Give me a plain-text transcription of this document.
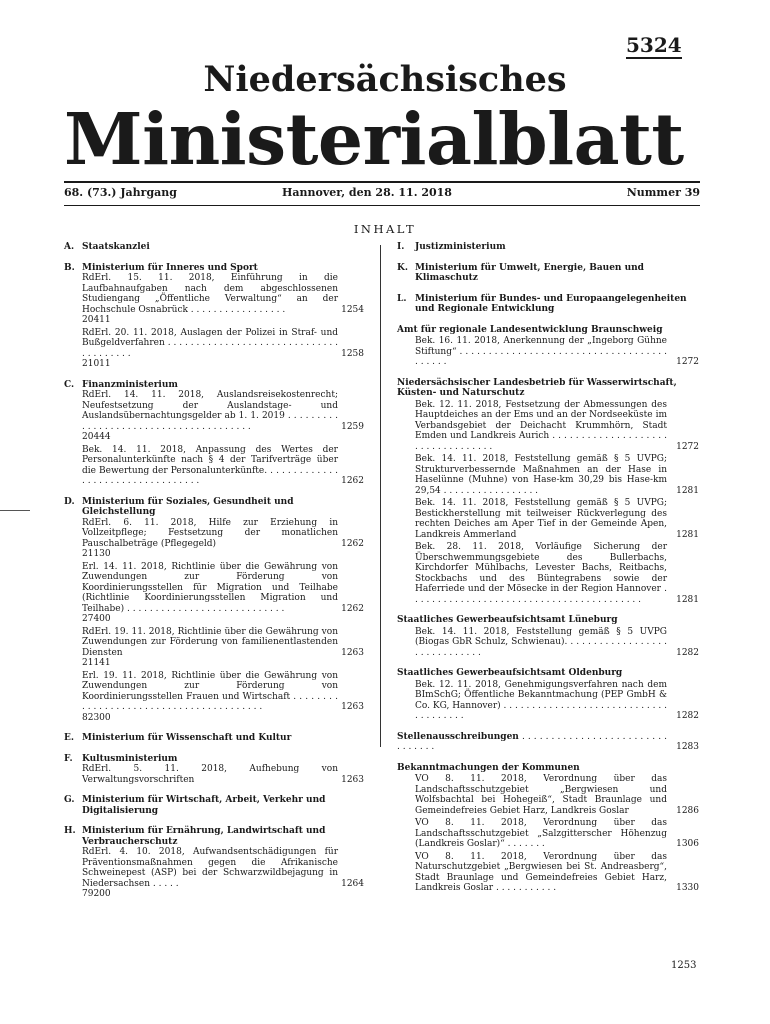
5324
Niedersächsisches
Ministerialblatt
68. (73.) Jahrgang	Hannover, den 28. 11. 2018	Nummer 39
INHALT
A. Staatskanzlei
B. Ministerium für Inneres und Sport
RdErl. 15. 11. 2018, Einführung in die Laufbahnaufgaben nach dem abgeschlossenen Studiengang „Öffentliche Verwaltung“ an der Hochschule Osnabrück . . . . . . . . . . . . . . . . .	1254
20411
RdErl. 20. 11. 2018, Auslagen der Polizei in Straf- und Bußgeldverfahren . . . . . . . . . . . . . . . . . . . . . . . . . . . . . . . . . . . . . . .	1258
21011
C. Finanzministerium
RdErl. 14. 11. 2018, Auslandsreisekostenrecht; Neufestsetzung der Auslandstage- und Auslandsübernachtungsgelder ab 1. 1. 2019 . . . . . . . . . . . . . . . . . . . . . . . . . . . . . . . . . . . . . . .	1259
20444
Bek. 14. 11. 2018, Anpassung des Wertes der Personalunterkünfte nach § 4 der Tarifverträge über die Bewertung der Personalunterkünfte. . . . . . . . . . . . . . . . . . . . . . . . . . . . . . . . . .	1262
D. Ministerium für Soziales, Gesundheit und Gleichstellung
RdErl. 6. 11. 2018, Hilfe zur Erziehung in Vollzeitpflege; Festsetzung der monatlichen Pauschalbeträge (Pflegegeld)	1262
21130
Erl. 14. 11. 2018, Richtlinie über die Gewährung von Zuwendungen zur Förderung von Koordinierungsstellen für Migration und Teilhabe (Richtlinie Koordinierungsstellen Migration und Teilhabe) . . . . . . . . . . . . . . . . . . . . . . . . . . . .	1262
27400
RdErl. 19. 11. 2018, Richtlinie über die Gewährung von Zuwendungen zur Förderung von familienentlastenden Diensten	1263
21141
Erl. 19. 11. 2018, Richtlinie über die Gewährung von Zuwendungen zur Förderung von Koordinierungsstellen Frauen und Wirtschaft . . . . . . . . . . . . . . . . . . . . . . . . . . . . . . . . . . . . . . . .	1263
82300
E. Ministerium für Wissenschaft und Kultur
F. Kultusministerium
RdErl. 5. 11. 2018, Aufhebung von Verwaltungsvorschriften	1263
G. Ministerium für Wirtschaft, Arbeit, Verkehr und Digitalisierung
H. Ministerium für Ernährung, Landwirtschaft und Verbraucherschutz
RdErl. 4. 10. 2018, Aufwandsentschädigungen für Präventionsmaßnahmen gegen die Afrikanische Schweinepest (ASP) bei der Schwarzwildbejagung in Niedersachsen . . . . .	1264
79200
I. Justizministerium
K. Ministerium für Umwelt, Energie, Bauen und Klimaschutz
L. Ministerium für Bundes- und Europaangelegenheiten und Regionale Entwicklung
Amt für regionale Landesentwicklung Braunschweig
Bek. 16. 11. 2018, Anerkennung der „Ingeborg Gühne Stiftung“ . . . . . . . . . . . . . . . . . . . . . . . . . . . . . . . . . . . . . . . . . .	1272
Niedersächsischer Landesbetrieb für Wasserwirtschaft, Küsten- und Naturschutz
Bek. 12. 11. 2018, Festsetzung der Abmessungen des Hauptdeiches an der Ems und an der Nordseeküste im Verbandsgebiet der Deichacht Krummhörn, Stadt Emden und Landkreis Aurich . . . . . . . . . . . . . . . . . . . . . . . . . . . . . . . . . .	1272
Bek. 14. 11. 2018, Feststellung gemäß § 5 UVPG; Strukturverbessernde Maßnahmen an der Hase in Haselünne (Muhne) von Hase-km 30,29 bis Hase-km 29,54 . . . . . . . . . . . . . . . . .	1281
Bek. 14. 11. 2018, Feststellung gemäß § 5 UVPG; Bestickherstellung mit teilweiser Rückverlegung des rechten Deiches am Aper Tief in der Gemeinde Apen, Landkreis Ammerland	1281
Bek. 28. 11. 2018, Vorläufige Sicherung der Überschwemmungsgebiete des Bullerbachs, Kirchdorfer Mühlbachs, Levester Bachs, Reitbachs, Stockbachs und des Büntegrabens sowie der Haferriede und der Mösecke in der Region Hannover . . . . . . . . . . . . . . . . . . . . . . . . . . . . . . . . . . . . . . . . .	1281
Staatliches Gewerbeaufsichtsamt Lüneburg
Bek. 14. 11. 2018, Feststellung gemäß § 5 UVPG (Biogas GbR Schulz, Schwienau). . . . . . . . . . . . . . . . . . . . . . . . . . . . . .	1282
Staatliches Gewerbeaufsichtsamt Oldenburg
Bek. 12. 11. 2018, Genehmigungsverfahren nach dem BImSchG; Öffentliche Bekanntmachung (PEP GmbH & Co. KG, Hannover) . . . . . . . . . . . . . . . . . . . . . . . . . . . . . . . . . . . . . .	1282
Stellenausschreibungen . . . . . . . . . . . . . . . . . . . . . . . . . . . . . . . .	1283
Bekanntmachungen der Kommunen
VO 8. 11. 2018, Verordnung über das Landschaftsschutzgebiet „Bergwiesen und Wolfsbachtal bei Hohegeiß“, Stadt Braunlage und Gemeindefreies Gebiet Harz, Landkreis Goslar	1286
VO 8. 11. 2018, Verordnung über das Landschaftsschutzgebiet „Salzgitterscher Höhenzug (Landkreis Goslar)“ . . . . . . .	1306
VO 8. 11. 2018, Verordnung über das Naturschutzgebiet „Bergwiesen bei St. Andreasberg“, Stadt Braunlage und Gemeindefreies Gebiet Harz, Landkreis Goslar . . . . . . . . . . .	1330
1253
